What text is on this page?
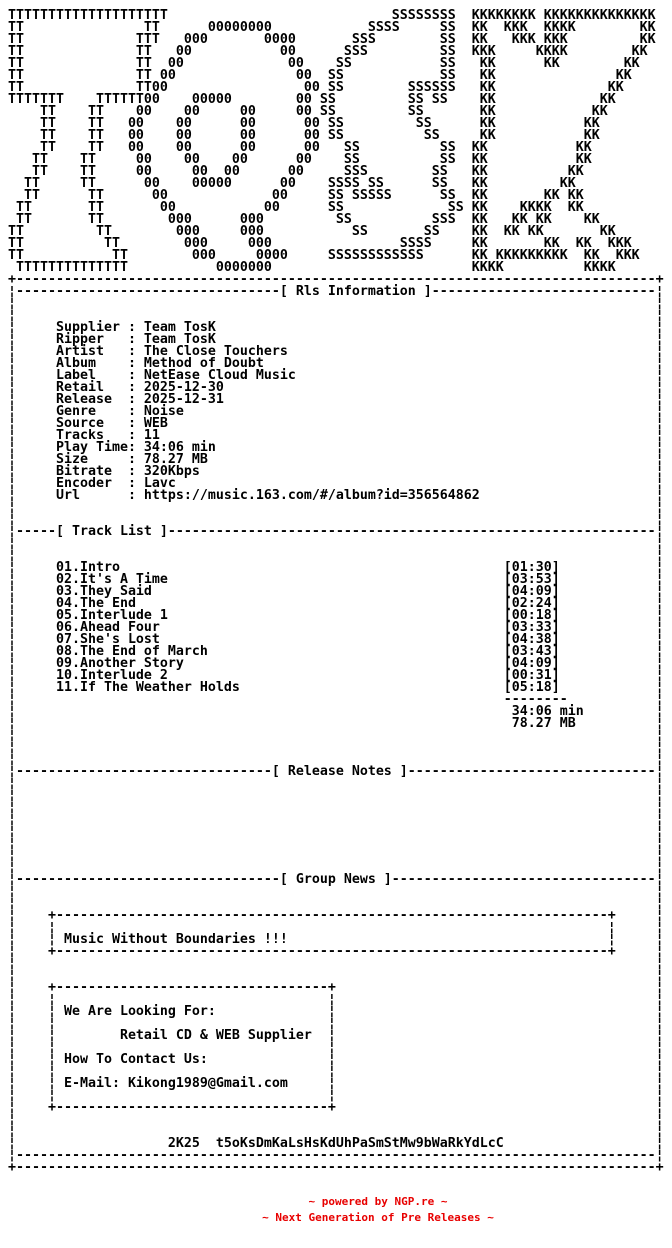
TTTTTTTTTTTTTTTTTTTT                            SSSSSSSS  KKKKKKKK KKKKKKKKKKKKKK
TT               TT      00000000            SSSS     SS  KK  KKK  KKKK        KK
TT              TTT   000       0000       SSS        SS  KK   KKK KKK         KK
TT              TT   00           00      SSS         SS  KKK     KKKK        KK
TT              TT  00             00    SS           SS   KK      KK        KK
TT              TT 00               00  SS            SS   KK               KK
TT              TT00                 00 SS        SSSSSS   KK              KK
TTTTTTT    TTTTTT00    00000        00 SS         SS SS    KK             KK
TT    TT    00    00     00     00 SS         SS       KK            KK
TT    TT   00    00      00      00 SS         SS      KK           KK
TT    TT   00    00      00      00 SS          SS     KK           KK
TT    TT   00    00      00      00   SS          SS  KK           KK
TT    TT     00    00    00      00    SS          SS  KK           KK
TT    TT     00     00  00      00     SSS        SS   KK          KK
TT     TT      00    00000      00    SSSS SS      SS   KK         KK
TT      TT      00             00     SS SSSSS      SS  KK       KK KK
TT       TT       00           00      SS             SS KK    KKKK  KK
TT       TT        000      000         SS          SSS  KK   KK KK    KK
TT         TT        000     000           SS       SS    KK  KK KK       KK
TT          TT        000     000                SSSS     KK       KK  KK  KKK
TT           TT        000     0000     SSSSSSSSSSSS      KK KKKKKKKKK  KK  KKK
TTTTTTTTTTTTTT           0000000                         KKKK          KKKK
+--------------------------------------------------------------------------------+
¦---------------------------------[ Rls Information ]----------------------------¦
¦                                                                                ¦
¦                                                                                ¦
¦     Supplier : Team TosK                                                       ¦
¦     Ripper   : Team TosK                                                       ¦
¦     Artist   : The Close Touchers                                              ¦
¦     Album    : Method of Doubt                                                 ¦
¦     Label    : NetEase Cloud Music                                             ¦
¦     Retail   : 2025-12-30                                                      ¦
¦     Release  : 2025-12-31                                                      ¦
¦     Genre    : Noise                                                           ¦
¦     Source   : WEB                                                             ¦
¦     Tracks   : 11                                                              ¦
¦     Play Time: 34:06 min                                                       ¦
¦     Size     : 78.27 MB                                                        ¦
¦     Bitrate  : 320Kbps                                                         ¦
¦     Encoder  : Lavc                                                            ¦
¦     Url      : https://music.163.com/#/album?id=356564862                      ¦
¦                                                                                ¦
¦                                                                                ¦
¦-----[ Track List ]-------------------------------------------------------------¦
¦                                                                                ¦
¦                                                                                ¦
¦     01.Intro                                                [01:30]            ¦
¦     02.It's A Time                                          [03:53]            ¦
¦     03.They Said                                            [04:09]            ¦
¦     04.The End                                              [02:24]            ¦
¦     05.Interlude 1                                          [00:18]            ¦
¦     06.Ahead Four                                           [03:33]            ¦
¦     07.She's Lost                                           [04:38]            ¦
¦     08.The End of March                                     [03:43]            ¦
¦     09.Another Story                                        [04:09]            ¦
¦     10.Interlude 2                                          [00:31]            ¦
¦     11.If The Weather Holds                                 [05:18]            ¦
¦                                                             --------           ¦
¦                                                              34:06 min         ¦
¦                                                              78.27 MB          ¦
¦                                                                                ¦
¦                                                                                ¦
¦                                                                                ¦
¦--------------------------------[ Release Notes ]-------------------------------¦
¦                                                                                ¦
¦                                                                                ¦
¦                                                                                ¦
¦                                                                                ¦
¦                                                                                ¦
¦                                                                                ¦
¦                                                                                ¦
¦                                                                                ¦
¦---------------------------------[ Group News ]---------------------------------¦
¦                                                                                ¦
¦                                                                                ¦
¦    +---------------------------------------------------------------------+     ¦
¦    ¦                                                                     ¦     ¦
¦    ¦ Music Without Boundaries !!!                                        ¦     ¦
¦    +---------------------------------------------------------------------+     ¦
¦                                                                                ¦
¦                                                                                ¦
¦    +----------------------------------+                                        ¦
¦    ¦                                  ¦                                        ¦
¦    ¦ We Are Looking For:              ¦                                        ¦
¦    ¦                                  ¦                                        ¦
¦    ¦        Retail CD & WEB Supplier  ¦                                        ¦
¦    ¦                                  ¦                                        ¦
¦    ¦ How To Contact Us:               ¦                                        ¦
¦    ¦                                  ¦                                        ¦
¦    ¦ E-Mail: Kikong1989@Gmail.com     ¦                                        ¦
¦    ¦                                  ¦                                        ¦
¦    +----------------------------------+                                        ¦
¦                                                                                ¦
¦                                                                                ¦
¦                   2K25  t5oKsDmKaLsHsKdUhPaSmStMw9bWaRkYdLcC                   ¦
¦--------------------------------------------------------------------------------¦
+--------------------------------------------------------------------------------+
~ powered by NGP.re ~
~ Next Generation of Pre Releases ~
